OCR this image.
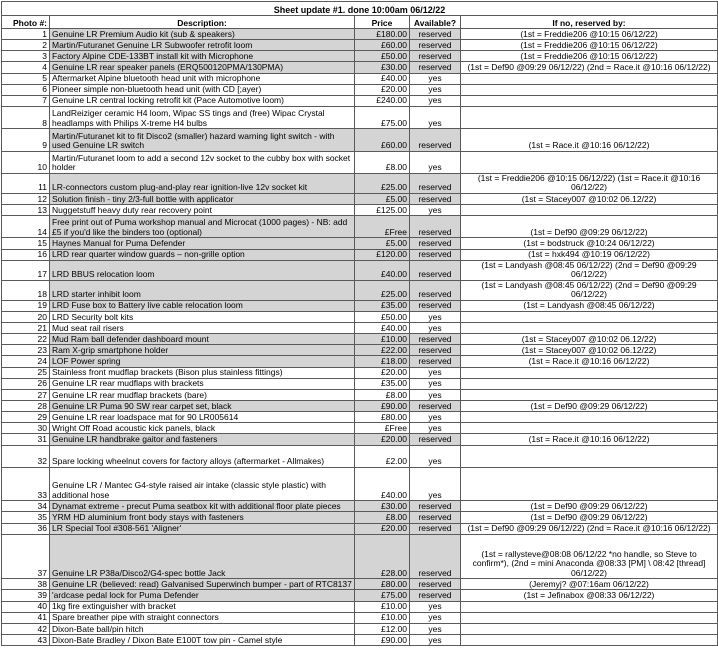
Sheet update #1. done 10:00am 06/12/22				
Photo #:	Description:	Price	Available?	If no, reserved by:
1	Genuine LR Premium Audio kit (sub & speakers)	£180.00	reserved	(1st = Freddie206 @10:15 06/12/22)
2	Martin/Futuranet Genuine LR Subwoofer retrofit loom	£60.00	reserved	(1st = Freddie206 @10:15 06/12/22)
3	Factory Alpine CDE-133BT install kit with Microphone	£50.00	reserved	(1st = Freddie206 @10:15 06/12/22)
4	Genuine LR rear speaker panels (ERQ500120PMA/130PMA)	£30.00	reserved	(1st = Def90 @09:29 06/12/22) (2nd = Race.it @10:16 06/12/22)
5	Aftermarket Alpine bluetooth head unit with microphone	£40.00	yes	
6	Pioneer simple non-bluetooth head unit (with CD [;ayer)	£20.00	yes	
7	Genuine LR central locking retrofit kit (Pace Automotive loom)	£240.00	yes	
8	LandReiziger ceramic H4 loom, Wipac SS tings and (free) Wipac Crystal headlamps with Philips X-treme H4 bulbs	£75.00	yes	
9	Martin/Futuranet kit to fit Disco2 (smaller) hazard warning light switch - with used Genuine LR switch	£60.00	reserved	(1st = Race.it @10:16 06/12/22)
10	Martin/Futuranet loom to add a second 12v socket to the cubby box with socket holder	£8.00	yes	
11	LR-connectors custom plug-and-play rear ignition-live 12v socket kit	£25.00	reserved	(1st = Freddie206 @10:15 06/12/22) (1st = Race.it @10:16 06/12/22)
12	Solution finish - tiny 2/3-full bottle with applicator	£5.00	reserved	(1st = Stacey007 @10:02 06.12/22)
13	Nuggetstuff heavy duty rear recovery point	£125.00	yes	
14	Free print out of Puma workshop manual and Microcat (1000 pages) - NB: add £5 if you'd like the binders too (optional)	£Free	reserved	(1st = Def90 @09:29 06/12/22)
15	Haynes Manual for Puma Defender	£5.00	reserved	(1st = bodstruck @10:24 06/12/22)
16	LRD rear quarter window guards – non-grille option	£120.00	reserved	(1st = hxk494 @10:19 06/12/22)
17	LRD BBUS relocation loom	£40.00	reserved	(1st = Landyash @08:45 06/12/22) (2nd = Def90 @09:29 06/12/22)
18	LRD starter inhibit loom	£25.00	reserved	(1st = Landyash @08:45 06/12/22) (2nd = Def90 @09:29 06/12/22)
19	LRD Fuse box to Battery live cable relocation loom	£35.00	reserved	(1st = Landyash @08:45 06/12/22)
20	LRD Security bolt kits	£50.00	yes	
21	Mud seat rail risers	£40.00	yes	
22	Mud Ram ball defender dashboard mount	£10.00	reserved	(1st = Stacey007 @10:02 06.12/22)
23	Ram X-grip smartphone holder	£22.00	reserved	(1st = Stacey007 @10:02 06.12/22)
24	LOF Power spring	£18.00	reserved	(1st = Race.it @10:16 06/12/22)
25	Stainless front mudflap brackets (Bison plus stainless fittings)	£20.00	yes	
26	Genuine LR rear mudflaps with brackets	£35.00	yes	
27	Genuine LR rear mudflap brackets (bare)	£8.00	yes	
28	Genuine LR Puma 90 SW rear carpet set, black	£90.00	reserved	(1st = Def90 @09:29 06/12/22)
29	Genuine LR rear loadspace mat for 90 LR005614	£80.00	yes	
30	Wright Off Road acoustic kick panels, black	£Free	yes	
31	Genuine LR handbrake gaitor and fasteners	£20.00	reserved	(1st = Race.it @10:16 06/12/22)
32	Spare locking wheelnut covers for factory alloys (aftermarket - Allmakes)	£2.00	yes	
33	Genuine LR / Mantec G4-style raised air intake (classic style plastic) with additional hose	£40.00	yes	
34	Dynamat extreme - precut Puma seatbox kit with additional floor plate pieces	£30.00	reserved	(1st = Def90 @09:29 06/12/22)
35	YRM HD aluminium front body stays with fasteners	£8.00	reserved	(1st = Def90 @09:29 06/12/22)
36	LR Special Tool #308-561 'Aligner'	£20.00	reserved	(1st = Def90 @09:29 06/12/22) (2nd = Race.it @10:16 06/12/22)
37	Genuine LR P38a/Disco2/G4-spec bottle Jack	£28.00	reserved	(1st = rallysteve@08:08 06/12/22 *no handle, so Steve to confirm*), (2nd = mini Anaconda @08:33 [PM] \ 08:42 [thread] 06/12/22)
38	Genuine LR (believed: read) Galvanised Superwinch bumper - part of RTC8137	£80.00	reserved	(Jeremyj? @07:16am 06/12/22)
39	'ardcase pedal lock for Puma Defender	£75.00	reserved	(1st = Jefinabox @08:33 06/12/22)
40	1kg fire extinguisher with bracket	£10.00	yes	
41	Spare breather pipe with straight connectors	£10.00	yes	
42	Dixon-Bate ball/pin hitch	£12.00	yes	
43	Dixon-Bate Bradley / Dixon Bate E100T tow pin - Camel style	£90.00	yes	
